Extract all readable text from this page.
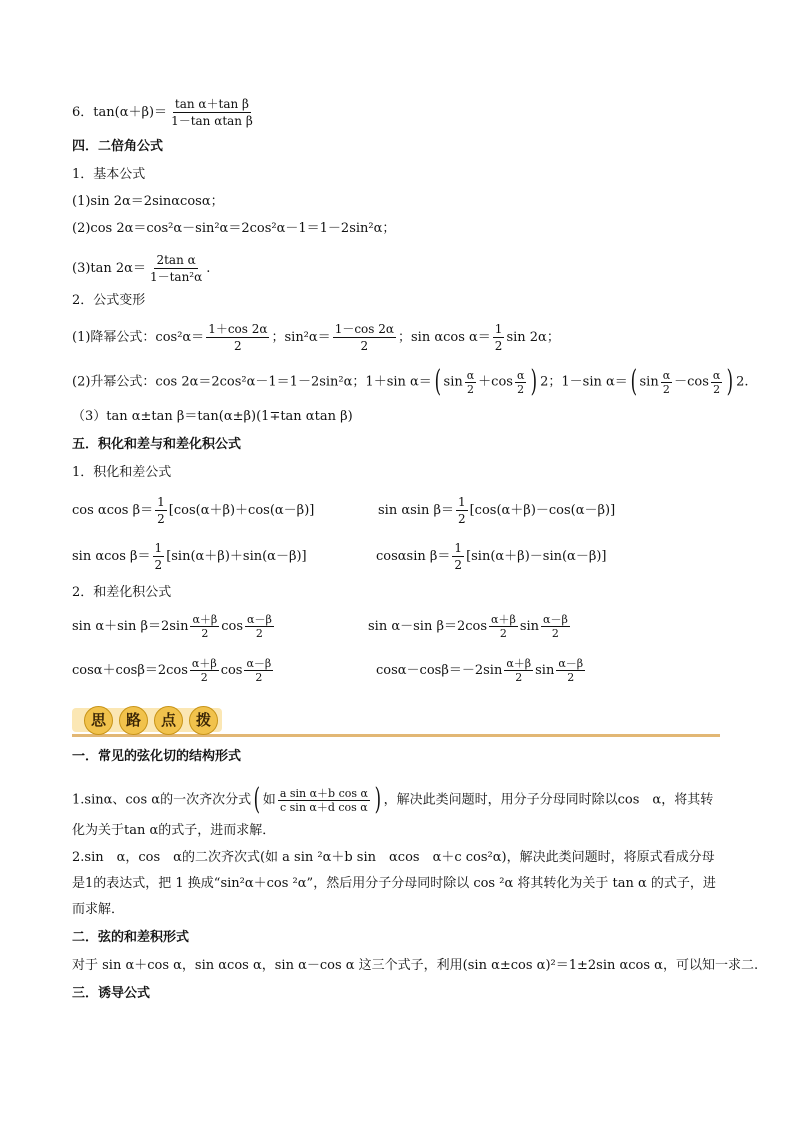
6．$\tan(\alpha+\beta)= \frac{\text{tan α＋tan β}}{\text{1－tan αtan β}}$
四．二倍角公式
1．基本公式
(1)sin 2α＝2sinαcosα；
(2)cos 2α＝cos²α－sin²α＝2cos²α－1＝1－2sin²α；
(3)tan $2\alpha= \frac{\text{2tan α}}{\text{1－tan²α}}$ .
2．公式变形
(1)降幂公式：$\cos^2\alpha= \frac{1+\cos 2\alpha}{2}$ ；$\sin^2\alpha= \frac{1-\cos 2\alpha}{2}$ ；sin αcos $\alpha= \frac{1}{2}$ sin 2α；
(2)升幂公式：cos 2α＝2cos²α－1＝1－2sin²α；1＋sin α＝( $\sin \frac{\alpha}{2} +\cos \frac{\alpha}{2}$ ) 2；1－sin α＝( $\sin \frac{\alpha}{2} -\cos \frac{\alpha}{2}$ ) 2.
（3）tan α±tan β＝tan(α±β)(1∓tan αtan β)
五．积化和差与和差化积公式
1．积化和差公式
cos αcos $\beta= \frac{1}{2} [\cos(\alpha+\beta)+\cos(\alpha-\beta)]$	sin αsin $\beta= \frac{1}{2} [\cos(\alpha+\beta)-\cos(\alpha-\beta)]$
sin αcos $\beta= \frac{1}{2} [\sin(\alpha+\beta)+\sin(\alpha-\beta)]$	cosαsin $\beta= \frac{1}{2} [\sin(\alpha+\beta)-\sin(\alpha-\beta)]$
2．和差化积公式
sin α＋sin $\beta=2\sin \frac{\alpha+\beta}{2}$ $\cos \frac{\alpha-\beta}{2}$	sin α－sin $\beta=2\cos \frac{\alpha+\beta}{2}$ $\sin \frac{\alpha-\beta}{2}$
$\cos\alpha+\cos\beta=2\cos \frac{\alpha+\beta}{2}$ $\cos \frac{\alpha-\beta}{2}$	$\cos\alpha-\cos\beta=-2\sin \frac{\alpha+\beta}{2}$ $\sin \frac{\alpha-\beta}{2}$
思	路	点	拨
一．常见的弦化切的结构形式
1.sinα、cos α的一次齐次分式( 如 $\frac{\text{a sin α＋b cos α}}{\text{c sin α＋d cos α}}$ ) ，解决此类问题时，用分子分母同时除以cos　α，将其转
化为关于tan α的式子，进而求解．
2.sin　α，cos　α的二次齐次式(如 a sin ²α＋b sin　αcos　α＋c cos²α)，解决此类问题时，将原式看成分母是1的表达式，把 1 换成“sin²α＋cos ²α”，然后用分子分母同时除以 cos ²α 将其转化为关于 tan α 的式子，进而求解．
二．弦的和差积形式
对于 sin α＋cos α，sin αcos α，sin α－cos α 这三个式子，利用(sin α±cos α)²＝1±2sin αcos α，可以知一求二.
三．诱导公式
